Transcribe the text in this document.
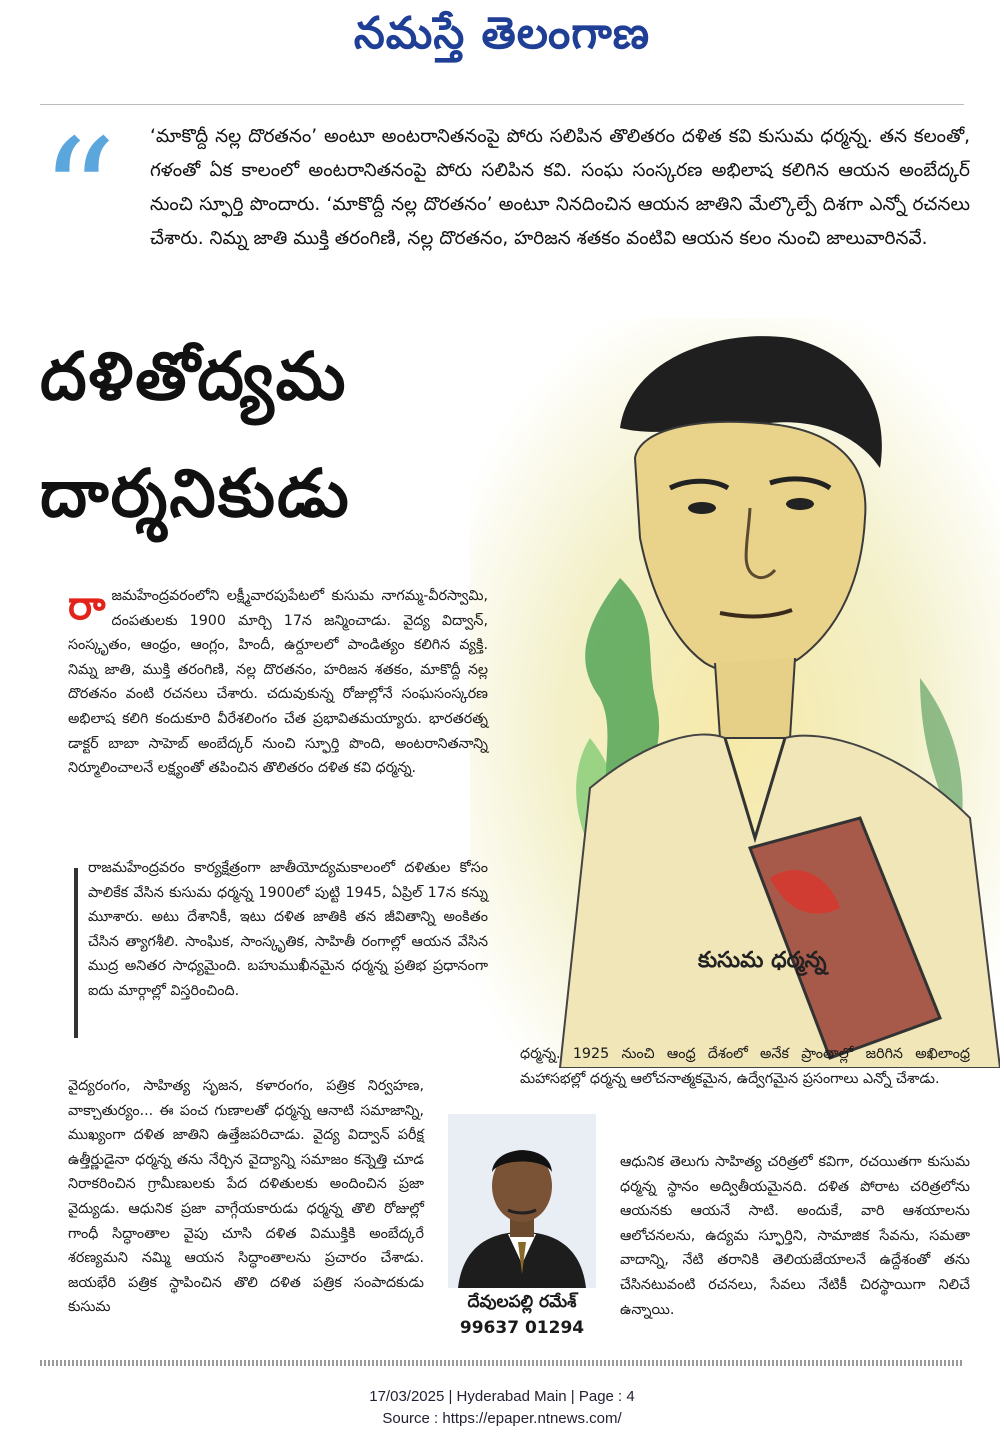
నమస్తే తెలంగాణ
“ ‘మాకొద్దీ నల్ల దొరతనం’ అంటూ అంటరానితనంపై పోరు సలిపిన తొలితరం దళిత కవి కుసుమ ధర్మన్న. తన కలంతో, గళంతో ఏక కాలంలో అంటరానితనంపై పోరు సలిపిన కవి. సంఘ సంస్కరణ అభిలాష కలిగిన ఆయన అంబేద్కర్ నుంచి స్ఫూర్తి పొందారు. ‘మాకొద్దీ నల్ల దొరతనం’ అంటూ నినదించిన ఆయన జాతిని మేల్కొల్పే దిశగా ఎన్నో రచనలు చేశారు. నిమ్న జాతి ముక్తి తరంగిణి, నల్ల దొరతనం, హరిజన శతకం వంటివి ఆయన కలం నుంచి జాలువారినవే.
దళితోద్యమ
దార్శనికుడు
రాజమహేంద్రవరంలోని లక్ష్మీవారపుపేటలో కుసుమ నాగమ్మ-వీరస్వామి, దంపతులకు 1900 మార్చి 17న జన్మించాడు. వైద్య విద్వాన్, సంస్కృతం, ఆంధ్రం, ఆంగ్లం, హిందీ, ఉర్దూలలో పాండిత్యం కలిగిన వ్యక్తి. నిమ్న జాతి, ముక్తి తరంగిణి, నల్ల దొరతనం, హరిజన శతకం, మాకొద్దీ నల్ల దొరతనం వంటి రచనలు చేశారు. చదువుకున్న రోజుల్లోనే సంఘసంస్కరణ అభిలాష కలిగి కందుకూరి వీరేశలింగం చేత ప్రభావితమయ్యారు. భారతరత్న డాక్టర్ బాబా సాహెబ్ అంబేద్కర్ నుంచి స్ఫూర్తి పొంది, అంటరానితనాన్ని నిర్మూలించాలనే లక్ష్యంతో తపించిన తొలితరం దళిత కవి ధర్మన్న.
రాజమహేంద్రవరం కార్యక్షేత్రంగా జాతీయోద్యమకాలంలో దళితుల కోసం పాలికేక వేసిన కుసుమ ధర్మన్న 1900లో పుట్టి 1945, ఏప్రిల్ 17న కన్ను మూశారు. అటు దేశానికీ, ఇటు దళిత జాతికి తన జీవితాన్ని అంకితం చేసిన త్యాగశీలి. సాంఘిక, సాంస్కృతిక, సాహితీ రంగాల్లో ఆయన వేసిన ముద్ర అనితర సాధ్యమైంది. బహుముఖీనమైన ధర్మన్న ప్రతిభ ప్రధానంగా ఐదు మార్గాల్లో విస్తరించింది.
కుసుమ ధర్మన్న
ధర్మన్న. 1925 నుంచి ఆంధ్ర దేశంలో అనేక ప్రాంతాల్లో జరిగిన అఖిలాంధ్ర మహాసభల్లో ధర్మన్న ఆలోచనాత్మకమైన, ఉద్వేగమైన ప్రసంగాలు ఎన్నో చేశాడు.
వైద్యరంగం, సాహిత్య సృజన, కళారంగం, పత్రిక నిర్వహణ, వాక్చాతుర్యం... ఈ పంచ గుణాలతో ధర్మన్న ఆనాటి సమాజాన్ని, ముఖ్యంగా దళిత జాతిని ఉత్తేజపరిచాడు. వైద్య విద్వాన్ పరీక్ష ఉత్తీర్ణుడైనా ధర్మన్న తను నేర్చిన వైద్యాన్ని సమాజం కన్నెత్తి చూడ నిరాకరించిన గ్రామీణులకు పేద దళితులకు అందించిన ప్రజా వైద్యుడు. ఆధునిక ప్రజా వాగ్గేయకారుడు ధర్మన్న తొలి రోజుల్లో గాంధీ సిద్ధాంతాల వైపు చూసి దళిత విముక్తికి అంబేద్కరే శరణ్యమని నమ్మి ఆయన సిద్ధాంతాలను ప్రచారం చేశాడు. జయభేరి పత్రిక స్థాపించిన తొలి దళిత పత్రిక సంపాదకుడు కుసుమ	దేవులపల్లి రమేశ్
99637 01294
ఆధునిక తెలుగు సాహిత్య చరిత్రలో కవిగా, రచయితగా కుసుమ ధర్మన్న స్థానం అద్వితీయమైనది. దళిత పోరాట చరిత్రలోను ఆయనకు ఆయనే సాటి. అందుకే, వారి ఆశయాలను ఆలోచనలను, ఉద్యమ స్ఫూర్తిని, సామాజిక సేవను, సమతా వాదాన్ని, నేటి తరానికి తెలియజేయాలనే ఉద్దేశంతో తను చేసినటువంటి రచనలు, సేవలు నేటికీ చిరస్థాయిగా నిలిచే ఉన్నాయి.
17/03/2025 | Hyderabad Main | Page : 4
Source : https://epaper.ntnews.com/
